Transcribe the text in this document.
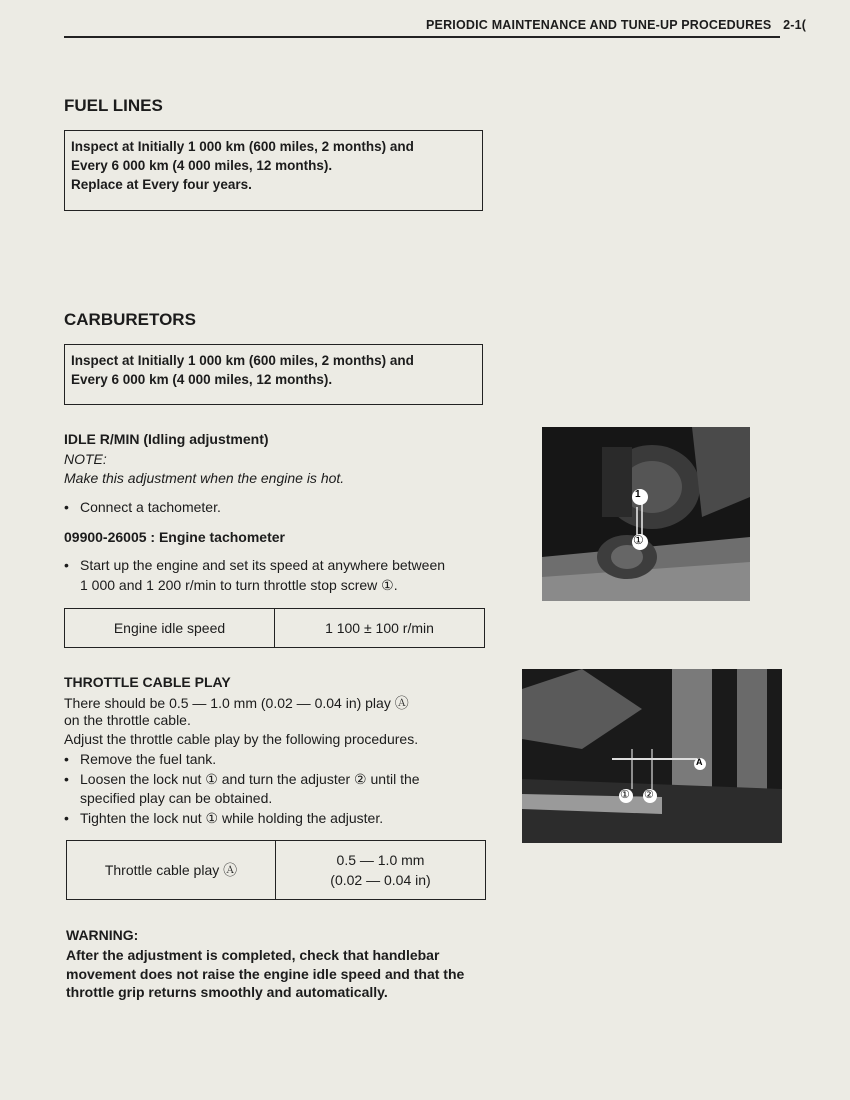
PERIODIC MAINTENANCE AND TUNE-UP PROCEDURES 2-1(
FUEL LINES
Inspect at Initially 1 000 km (600 miles, 2 months) and
Every 6 000 km (4 000 miles, 12 months).
Replace at Every four years.
CARBURETORS
Inspect at Initially 1 000 km (600 miles, 2 months) and
Every 6 000 km (4 000 miles, 12 months).
IDLE R/MIN (Idling adjustment)
NOTE:
Make this adjustment when the engine is hot.
• Connect a tachometer.
09900-26005 : Engine tachometer
• Start up the engine and set its speed at anywhere between
1 000 and 1 200 r/min to turn throttle stop screw ①.
Engine idle speed	1 100 ± 100 r/min
THROTTLE CABLE PLAY
There should be 0.5 — 1.0 mm (0.02 — 0.04 in) play Ⓐ
on the throttle cable.
Adjust the throttle cable play by the following procedures.
• Remove the fuel tank.
• Loosen the lock nut ① and turn the adjuster ② until the
specified play can be obtained.
• Tighten the lock nut ① while holding the adjuster.
Throttle cable play Ⓐ
0.5 — 1.0 mm
(0.02 — 0.04 in)
WARNING:
After the adjustment is completed, check that handlebar
movement does not raise the engine idle speed and that the
throttle grip returns smoothly and automatically.
1
①
A
① ②
